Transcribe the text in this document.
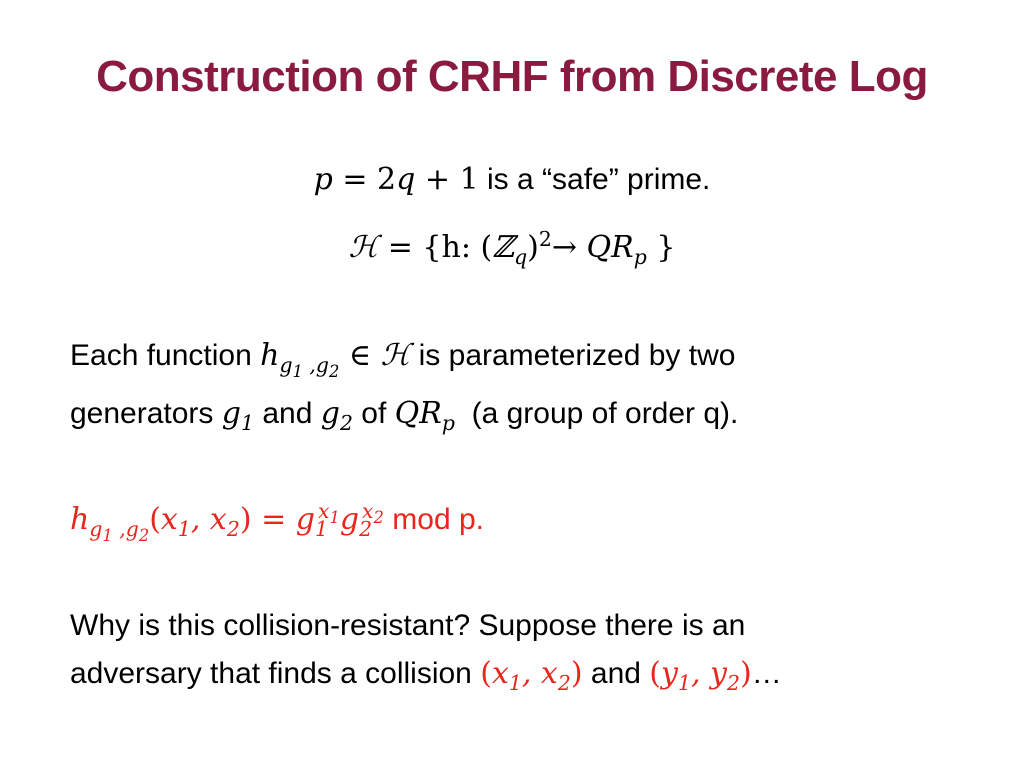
Construction of CRHF from Discrete Log
p = 2q + 1 is a “safe” prime.
ℋ = {h: (ℤ$_q$)$^2$→ $QR_p$ }
Each function $h_{g_1 ,g_2}$ ∈ ℋ is parameterized by two
generators $g_1$ and $g_2$ of $QR_p$ (a group of order q).
$h_{g_1 ,g_2}(x_1$, $x_2) = g_1^{x_1}g_2^{x_2}$ mod p.
Why is this collision-resistant? Suppose there is an
adversary that finds a collision ($x_1$, $x_2$) and ($y_1$, $y_2)\dots$
